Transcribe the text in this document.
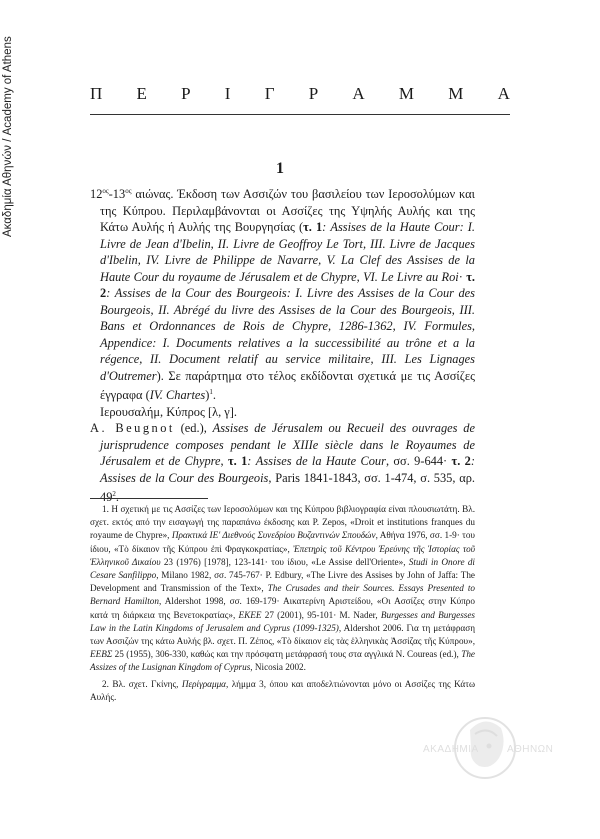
Ακαδημία Αθηνών / Academy of Athens	Π Ε Ρ Ι Γ Ρ Α Μ Μ Α
1

$12^{o\varsigma}-13^{o\varsigma}$ αιώνας. Έκδοση των Ασσιζών του βασιλείου των Ιεροσολύμων και της Κύπρου. Περιλαμβάνονται οι Ασσίζες της Υψηλής Αυλής και της Κάτω Αυλής ή Αυλής της Βουργησίας (τ. 1: Assises de la Haute Cour: I. Livre de Jean d'Ibelin, II. Livre de Geoffroy Le Tort, III. Livre de Jacques d'Ibelin, IV. Livre de Philippe de Navarre, V. La Clef des Assises de la Haute Cour du royaume de Jérusalem et de Chypre, VI. Le Livre au Roi· τ. 2: Assises de la Cour des Bourgeois: I. Livre des Assises de la Cour des Bourgeois, II. Abrégé du livre des Assises de la Cour des Bourgeois, III. Bans et Ordonnances de Rois de Chypre, 1286-1362, IV. Formules, Appendice: I. Documents relatives a la successibilité au trône et a la régence, II. Document relatif au service militaire, III. Les Lignages d'Outremer). Σε παράρτημα στο τέλος εκδίδονται σχετικά με τις Ασσίζες έγγραφα (IV. Chartes)$^1$.
Ιερουσαλήμ, Κύπρος [λ, γ].

A. Beugnot (ed.), Assises de Jérusalem ou Recueil des ouvrages de jurisprudence composes pendant le XIIIe siècle dans le Royaumes de Jérusalem et de Chypre, τ. 1: Assises de la Haute Cour, σσ. 9-644· τ. 2: Assises de la Cour des Bourgeois, Paris 1841-1843, σσ. 1-474, σ. 535, αρ. $49^2$.

1. Η σχετική με τις Ασσίζες των Ιεροσολύμων και της Κύπρου βιβλιογραφία είναι πλουσιωτάτη. Βλ. σχετ. εκτός από την εισαγωγή της παραπάνω έκδοσης και P. Zepos, «Droit et institutions franques du royaume de Chypre», Πρακτικά ΙΕ' Διεθνούς Συνεδρίου Βυζαντινών Σπουδών, Αθήνα 1976, σσ. 1-9· του ίδιου, «Τὸ δίκαιον τῆς Κύπρου ἐπὶ Φραγκοκρατίας», Ἐπετηρὶς τοῦ Κέντρου Ἐρεύνης τῆς Ἱστορίας τοῦ Ἑλληνικοῦ Δικαίου 23 (1976) [1978], 123-141· του ίδιου, «Le Assise dell'Oriente», Studi in Onore di Cesare Sanfilippo, Milano 1982, σσ. 745-767· P. Edbury, «The Livre des Assises by John of Jaffa: The Development and Transmission of the Text», The Crusades and their Sources. Essays Presented to Bernard Hamilton, Aldershot 1998, σσ. 169-179· Αικατερίνη Αριστείδου, «Οι Ασσίζες στην Κύπρο κατά τη διάρκεια της Βενετοκρατίας», ΕΚΕΕ 27 (2001), 95-101· M. Nader, Burgesses and Burgesses Law in the Latin Kingdoms of Jerusalem and Cyprus (1099-1325), Aldershot 2006. Για τη μετάφραση των Ασσιζών της κάτω Αυλής βλ. σχετ. Π. Ζέπος, «Τὸ δίκαιον εἰς τὰς ἑλληνικὰς Ἀσσίζας τῆς Κύπρου», ΕΕΒΣ 25 (1955), 306-330, καθώς και την πρόσφατη μετάφρασή τους στα αγγλικά N. Coureas (ed.), The Assizes of the Lusignan Kingdom of Cyprus, Nicosia 2002.

2. Βλ. σχετ. Γκίνης, Περίγραμμα, λήμμα 3, όπου και αποδελτιώνονται μόνο οι Ασσίζες της Κάτω Αυλής.

ΑΚΑΔΗΜΙΑ	ΑΘΗΝΩΝ
